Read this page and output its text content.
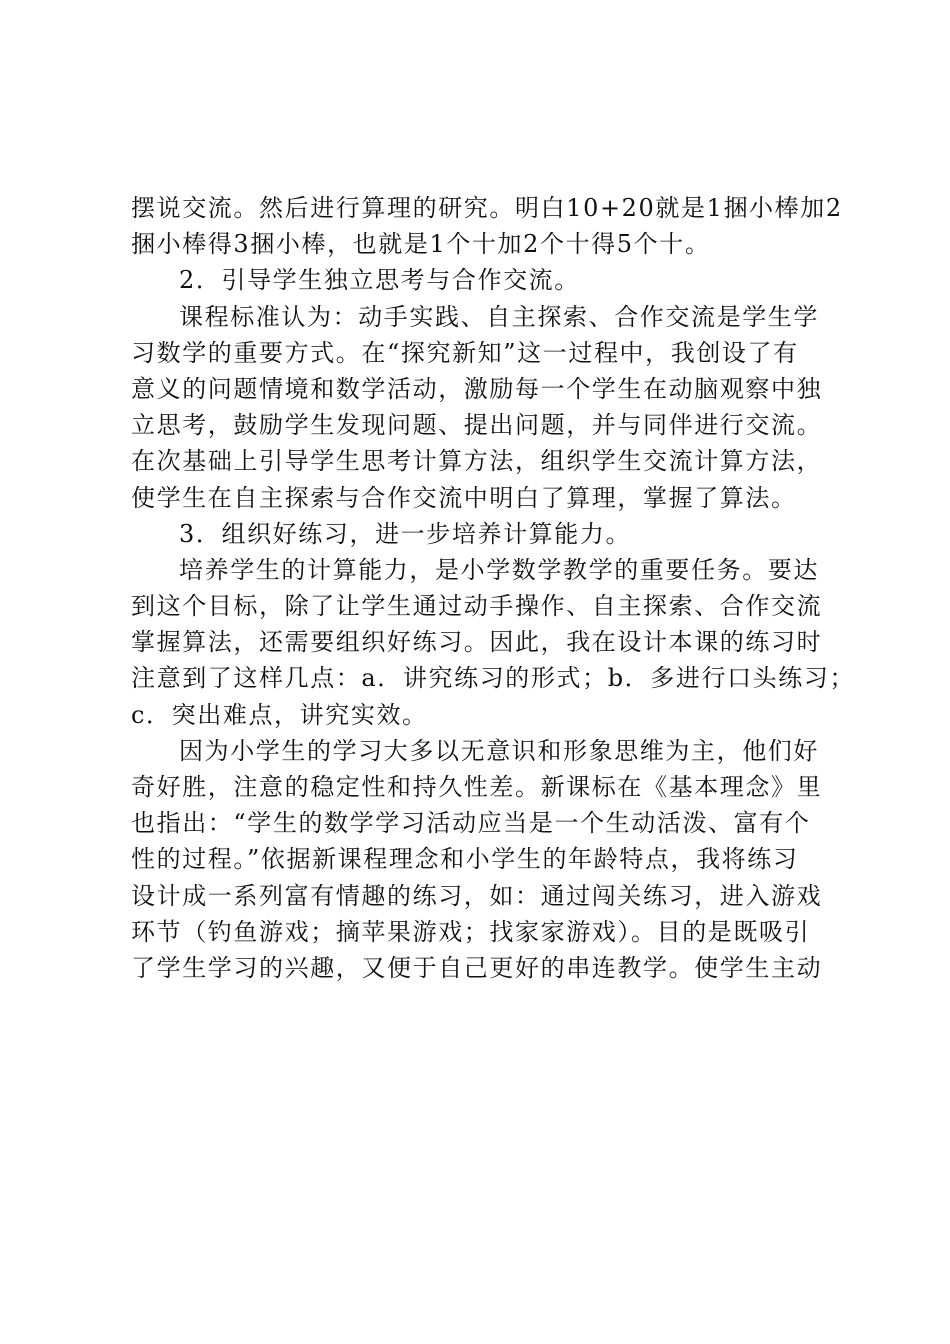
摆说交流。然后进行算理的研究。明白10+20就是1捆小棒加2
捆小棒得3捆小棒，也就是1个十加2个十得5个十。
2．引导学生独立思考与合作交流。
课程标准认为：动手实践、自主探索、合作交流是学生学
习数学的重要方式。在“探究新知”这一过程中，我创设了有
意义的问题情境和数学活动，激励每一个学生在动脑观察中独
立思考，鼓励学生发现问题、提出问题，并与同伴进行交流。
在次基础上引导学生思考计算方法，组织学生交流计算方法，
使学生在自主探索与合作交流中明白了算理，掌握了算法。
3．组织好练习，进一步培养计算能力。
培养学生的计算能力，是小学数学教学的重要任务。要达
到这个目标，除了让学生通过动手操作、自主探索、合作交流
掌握算法，还需要组织好练习。因此，我在设计本课的练习时
注意到了这样几点：a．讲究练习的形式；b．多进行口头练习；
c．突出难点，讲究实效。
因为小学生的学习大多以无意识和形象思维为主，他们好
奇好胜，注意的稳定性和持久性差。新课标在《基本理念》里
也指出：“学生的数学学习活动应当是一个生动活泼、富有个
性的过程。”依据新课程理念和小学生的年龄特点，我将练习
设计成一系列富有情趣的练习，如：通过闯关练习，进入游戏
环节（钓鱼游戏；摘苹果游戏；找家家游戏）。目的是既吸引
了学生学习的兴趣，又便于自己更好的串连教学。使学生主动
